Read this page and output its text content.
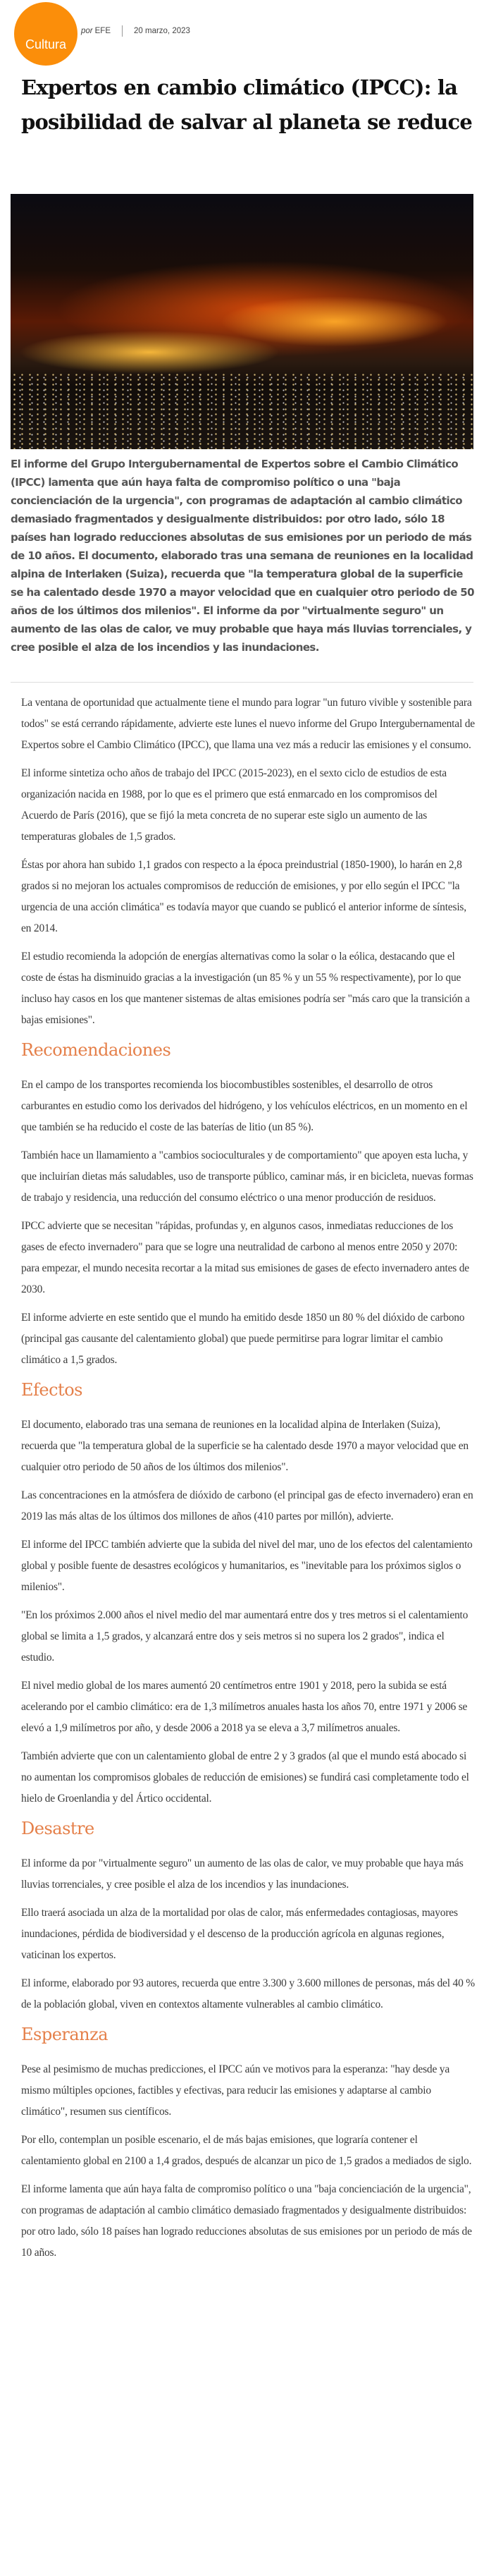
Cultura
por EFE	20 marzo, 2023
Expertos en cambio climático (IPCC): la posibilidad de salvar al planeta se reduce

El informe del Grupo Intergubernamental de Expertos sobre el Cambio Climático (IPCC) lamenta que aún haya falta de compromiso político o una "baja concienciación de la urgencia", con programas de adaptación al cambio climático demasiado fragmentados y desigualmente distribuidos: por otro lado, sólo 18 países han logrado reducciones absolutas de sus emisiones por un periodo de más de 10 años. El documento, elaborado tras una semana de reuniones en la localidad alpina de Interlaken (Suiza), recuerda que "la temperatura global de la superficie se ha calentado desde 1970 a mayor velocidad que en cualquier otro periodo de 50 años de los últimos dos milenios". El informe da por "virtualmente seguro" un aumento de las olas de calor, ve muy probable que haya más lluvias torrenciales, y cree posible el alza de los incendios y las inundaciones.

La ventana de oportunidad que actualmente tiene el mundo para lograr "un futuro vivible y sostenible para todos" se está cerrando rápidamente, advierte este lunes el nuevo informe del Grupo Intergubernamental de Expertos sobre el Cambio Climático (IPCC), que llama una vez más a reducir las emisiones y el consumo.

El informe sintetiza ocho años de trabajo del IPCC (2015-2023), en el sexto ciclo de estudios de esta organización nacida en 1988, por lo que es el primero que está enmarcado en los compromisos del Acuerdo de París (2016), que se fijó la meta concreta de no superar este siglo un aumento de las temperaturas globales de 1,5 grados.

Éstas por ahora han subido 1,1 grados con respecto a la época preindustrial (1850-1900), lo harán en 2,8 grados si no mejoran los actuales compromisos de reducción de emisiones, y por ello según el IPCC "la urgencia de una acción climática" es todavía mayor que cuando se publicó el anterior informe de síntesis, en 2014.

El estudio recomienda la adopción de energías alternativas como la solar o la eólica, destacando que el coste de éstas ha disminuido gracias a la investigación (un 85 % y un 55 % respectivamente), por lo que incluso hay casos en los que mantener sistemas de altas emisiones podría ser "más caro que la transición a bajas emisiones".

Recomendaciones

En el campo de los transportes recomienda los biocombustibles sostenibles, el desarrollo de otros carburantes en estudio como los derivados del hidrógeno, y los vehículos eléctricos, en un momento en el que también se ha reducido el coste de las baterías de litio (un 85 %).

También hace un llamamiento a "cambios socioculturales y de comportamiento" que apoyen esta lucha, y que incluirían dietas más saludables, uso de transporte público, caminar más, ir en bicicleta, nuevas formas de trabajo y residencia, una reducción del consumo eléctrico o una menor producción de residuos.

IPCC advierte que se necesitan "rápidas, profundas y, en algunos casos, inmediatas reducciones de los gases de efecto invernadero" para que se logre una neutralidad de carbono al menos entre 2050 y 2070: para empezar, el mundo necesita recortar a la mitad sus emisiones de gases de efecto invernadero antes de 2030.

El informe advierte en este sentido que el mundo ha emitido desde 1850 un 80 % del dióxido de carbono (principal gas causante del calentamiento global) que puede permitirse para lograr limitar el cambio climático a 1,5 grados.

Efectos

El documento, elaborado tras una semana de reuniones en la localidad alpina de Interlaken (Suiza), recuerda que "la temperatura global de la superficie se ha calentado desde 1970 a mayor velocidad que en cualquier otro periodo de 50 años de los últimos dos milenios".

Las concentraciones en la atmósfera de dióxido de carbono (el principal gas de efecto invernadero) eran en 2019 las más altas de los últimos dos millones de años (410 partes por millón), advierte.

El informe del IPCC también advierte que la subida del nivel del mar, uno de los efectos del calentamiento global y posible fuente de desastres ecológicos y humanitarios, es "inevitable para los próximos siglos o milenios".

"En los próximos 2.000 años el nivel medio del mar aumentará entre dos y tres metros si el calentamiento global se limita a 1,5 grados, y alcanzará entre dos y seis metros si no supera los 2 grados", indica el estudio.

El nivel medio global de los mares aumentó 20 centímetros entre 1901 y 2018, pero la subida se está acelerando por el cambio climático: era de 1,3 milímetros anuales hasta los años 70, entre 1971 y 2006 se elevó a 1,9 milímetros por año, y desde 2006 a 2018 ya se eleva a 3,7 milímetros anuales.

También advierte que con un calentamiento global de entre 2 y 3 grados (al que el mundo está abocado si no aumentan los compromisos globales de reducción de emisiones) se fundirá casi completamente todo el hielo de Groenlandia y del Ártico occidental.

Desastre

El informe da por "virtualmente seguro" un aumento de las olas de calor, ve muy probable que haya más lluvias torrenciales, y cree posible el alza de los incendios y las inundaciones.

Ello traerá asociada un alza de la mortalidad por olas de calor, más enfermedades contagiosas, mayores inundaciones, pérdida de biodiversidad y el descenso de la producción agrícola en algunas regiones, vaticinan los expertos.

El informe, elaborado por 93 autores, recuerda que entre 3.300 y 3.600 millones de personas, más del 40 % de la población global, viven en contextos altamente vulnerables al cambio climático.

Esperanza

Pese al pesimismo de muchas predicciones, el IPCC aún ve motivos para la esperanza: "hay desde ya mismo múltiples opciones, factibles y efectivas, para reducir las emisiones y adaptarse al cambio climático", resumen sus científicos.

Por ello, contemplan un posible escenario, el de más bajas emisiones, que lograría contener el calentamiento global en 2100 a 1,4 grados, después de alcanzar un pico de 1,5 grados a mediados de siglo.

El informe lamenta que aún haya falta de compromiso político o una "baja concienciación de la urgencia", con programas de adaptación al cambio climático demasiado fragmentados y desigualmente distribuidos: por otro lado, sólo 18 países han logrado reducciones absolutas de sus emisiones por un periodo de más de 10 años.
